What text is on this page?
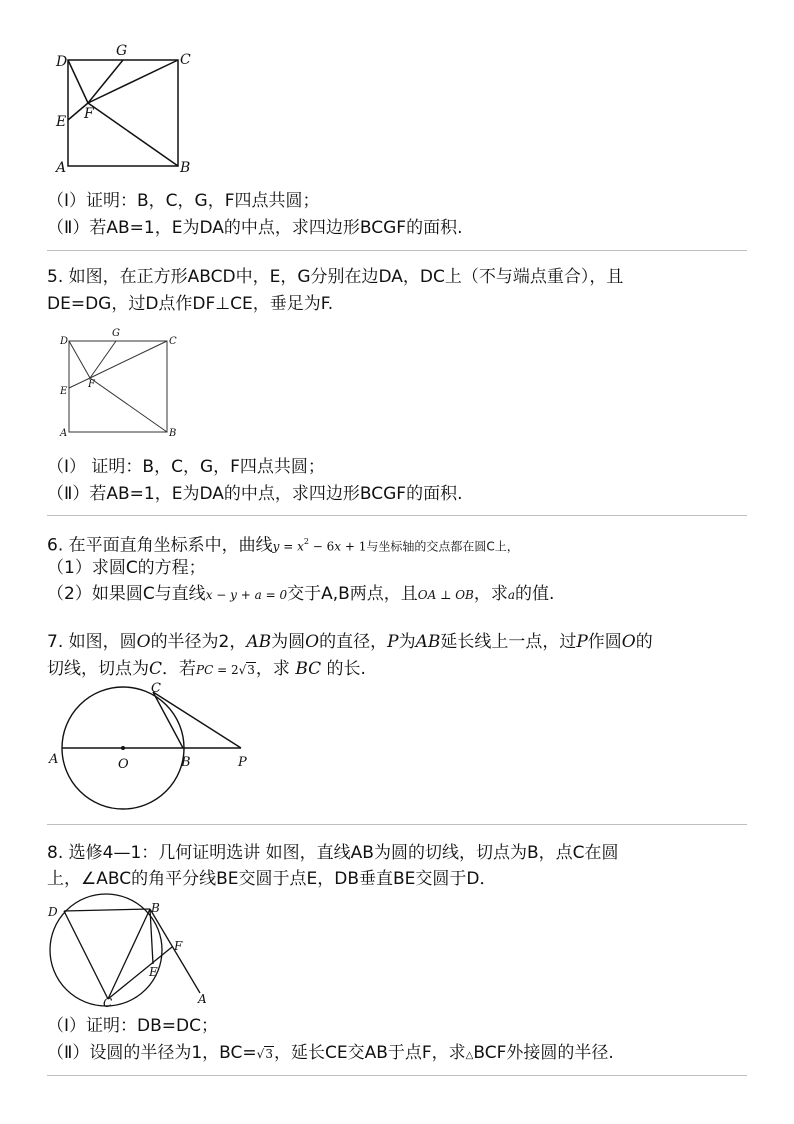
D
G
C
E F
A	B
（Ⅰ）证明：B，C，G，F四点共圆；
（Ⅱ）若AB=1，E为DA的中点，求四边形BCGF的面积.
5. 如图，在正方形ABCD中，E，G分别在边DA，DC上（不与端点重合），且
DE=DG，过D点作DF⊥CE，垂足为F.
D
G
C
E
F
A	B
（Ⅰ） 证明：B，C，G，F四点共圆；
（Ⅱ）若AB=1，E为DA的中点，求四边形BCGF的面积.
6. 在平面直角坐标系中，曲线$y = x^2 - 6x + 1$与坐标轴的交点都在圆C上，
（1）求圆C的方程；
（2）如果圆C与直线x − y + a = 0交于A,B两点，且OA ⊥ OB，求a的值.
7. 如图，圆O的半径为2，AB为圆O的直径，P为AB延长线上一点，过P作圆O的
切线，切点为C．若PC = 2√3，求 BC 的长.
C
A	O	B	P
8. 选修4—1：几何证明选讲 如图，直线AB为圆的切线，切点为B，点C在圆
上，∠ABC的角平分线BE交圆于点E，DB垂直BE交圆于D．
D	B
F
E
C	A
（Ⅰ）证明：DB=DC；
（Ⅱ）设圆的半径为1，BC=√3，延长CE交AB于点F，求△BCF外接圆的半径.
